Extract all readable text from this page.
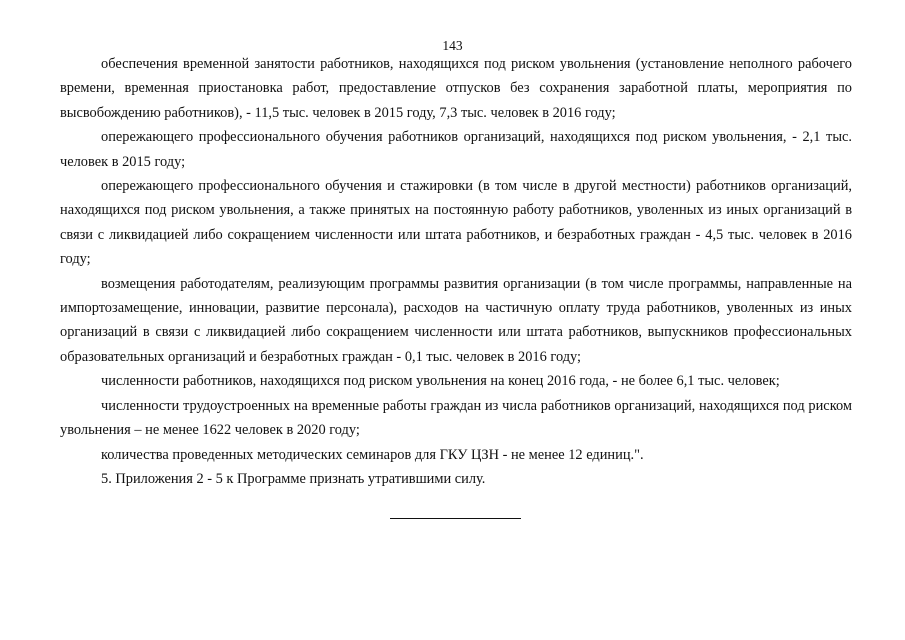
143

обеспечения временной занятости работников, находящихся под риском увольнения (установление неполного рабочего времени, временная приостановка работ, предоставление отпусков без сохранения заработной платы, мероприятия по высвобождению работников), - 11,5 тыс. человек в 2015 году, 7,3 тыс. человек в 2016 году;

опережающего профессионального обучения работников организаций, находящихся под риском увольнения, - 2,1 тыс. человек в 2015 году;

опережающего профессионального обучения и стажировки (в том числе в другой местности) работников организаций, находящихся под риском увольнения, а также принятых на постоянную работу работников, уволенных из иных организаций в связи с ликвидацией либо сокращением численности или штата работников, и безработных граждан - 4,5 тыс. человек в 2016 году;

возмещения работодателям, реализующим программы развития организации (в том числе программы, направленные на импортозамещение, инновации, развитие персонала), расходов на частичную оплату труда работников, уволенных из иных организаций в связи с ликвидацией либо сокращением численности или штата работников, выпускников профессиональных образовательных организаций и безработных граждан - 0,1 тыс. человек в 2016 году;

численности работников, находящихся под риском увольнения на конец 2016 года, - не более 6,1 тыс. человек;

численности трудоустроенных на временные работы граждан из числа работников организаций, находящихся под риском увольнения – не менее 1622 человек в 2020 году;

количества проведенных методических семинаров для ГКУ ЦЗН - не менее 12 единиц.".

5. Приложения 2 - 5 к Программе признать утратившими силу.
